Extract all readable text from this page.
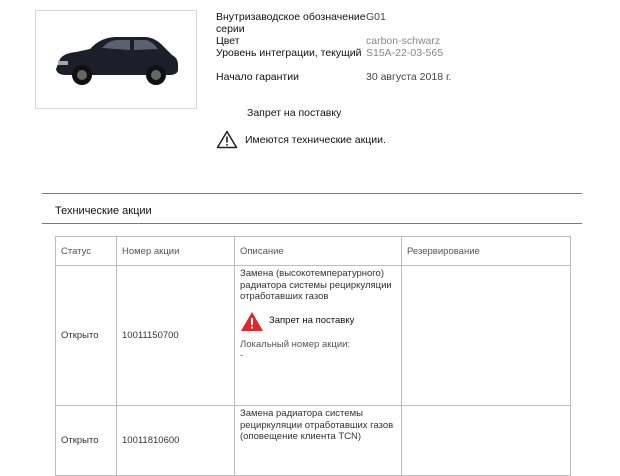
Внутризаводское обозначение серии
G01
Цвет	carbon-schwarz
Уровень интеграции, текущий S15A-22-03-565
Начало гарантии	30 августа 2018 г.
Запрет на поставку
Имеются технические акции.
Технические акции
Статус	Номер акции	Описание	Резервирование
Открыто	10011150700	Замена (высокотемпературного) радиатора системы рециркуляции отработавших газов
Запрет на поставку
Локальный номер акции:
-	

Открыто	10011810600	Замена радиатора системы рециркуляции отработавших газов (оповещение клиента TCN)	
